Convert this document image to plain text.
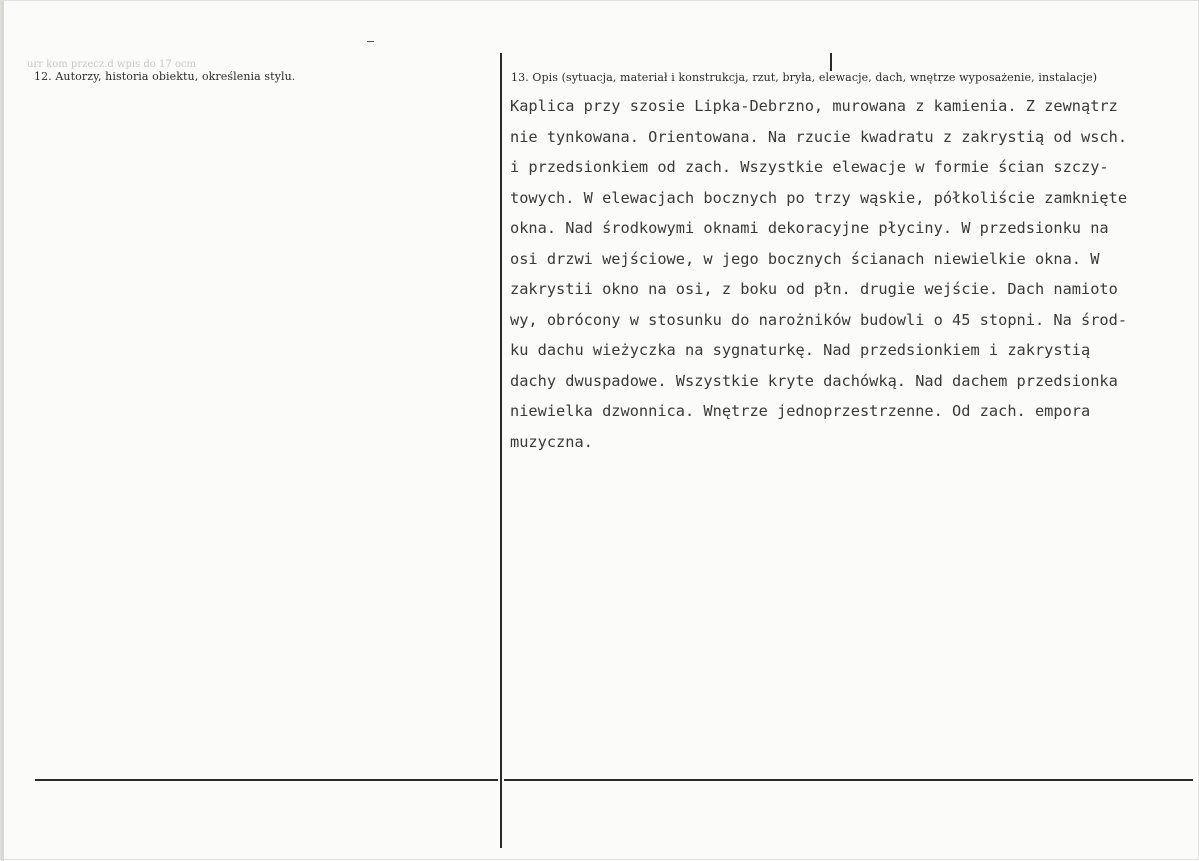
urr kom przecz.d wpis do 17 ocm
12. Autorzy, historia obiektu, określenia stylu.	13. Opis (sytuacja, materiał i konstrukcja, rzut, bryła, elewacje, dach, wnętrze wyposażenie, instalacje)
Kaplica przy szosie Lipka-Debrzno, murowana z kamienia. Z zewnątrz
nie tynkowana. Orientowana. Na rzucie kwadratu z zakrystią od wsch.
i przedsionkiem od zach. Wszystkie elewacje w formie ścian szczy-
towych. W elewacjach bocznych po trzy wąskie, półkoliście zamknięte
okna. Nad środkowymi oknami dekoracyjne płyciny. W przedsionku na
osi drzwi wejściowe, w jego bocznych ścianach niewielkie okna. W
zakrystii okno na osi, z boku od płn. drugie wejście. Dach namioto
wy, obrócony w stosunku do narożników budowli o 45 stopni. Na środ-
ku dachu wieżyczka na sygnaturkę. Nad przedsionkiem i zakrystią
dachy dwuspadowe. Wszystkie kryte dachówką. Nad dachem przedsionka
niewielka dzwonnica. Wnętrze jednoprzestrzenne. Od zach. empora
muzyczna.
